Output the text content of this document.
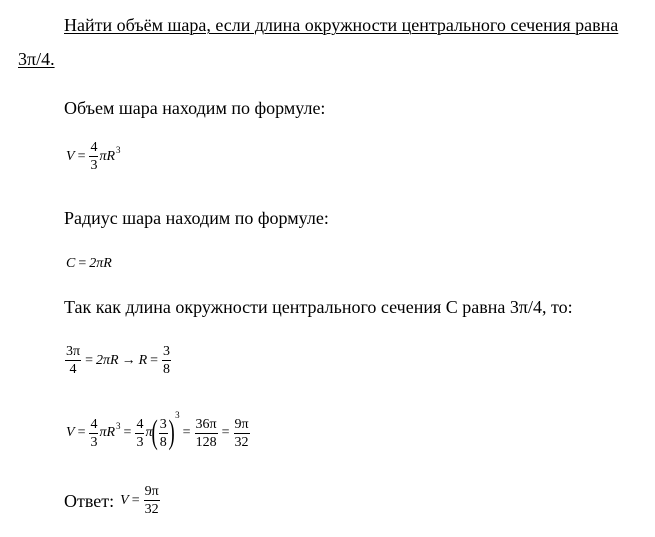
Найти объём шара, если длина окружности центрального сечения равна
3π/4.
Объем шара находим по формуле:
$V = \frac{4}{3}$ πR 3
Радиус шара находим по формуле:
C = 2πR
Так как длина окружности центрального сечения C равна 3π/4, то:
$\frac{3\pi}{4} = 2\pi R \to R = \frac{3}{8}$
$V = \frac{4}{3}$ πR $3 = \frac{4}{3}$ π ( $\frac{3}{8}$ ) 3
= $\frac{36\pi}{128} = \frac{9\pi}{32}$
Ответ: $V = \frac{9\pi}{32}$
